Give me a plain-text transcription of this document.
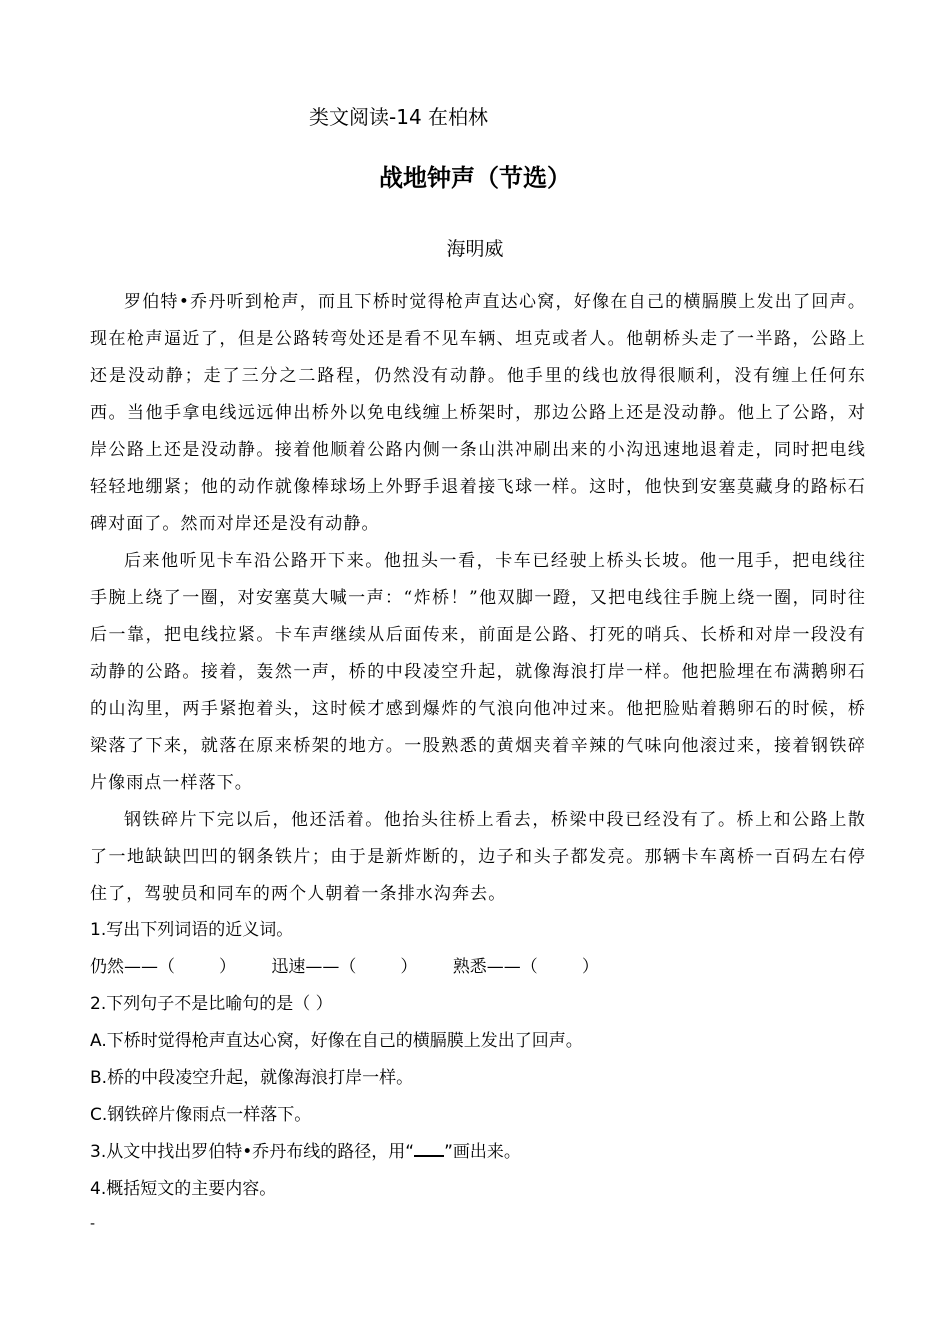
类文阅读-14 在柏林
战地钟声（节选）
海明威

罗伯特•乔丹听到枪声，而且下桥时觉得枪声直达心窝，好像在自己的横膈膜上发出了回声。现在枪声逼近了，但是公路转弯处还是看不见车辆、坦克或者人。他朝桥头走了一半路，公路上还是没动静；走了三分之二路程，仍然没有动静。他手里的线也放得很顺利，没有缠上任何东西。当他手拿电线远远伸出桥外以免电线缠上桥架时，那边公路上还是没动静。他上了公路，对岸公路上还是没动静。接着他顺着公路内侧一条山洪冲刷出来的小沟迅速地退着走，同时把电线轻轻地绷紧；他的动作就像棒球场上外野手退着接飞球一样。这时，他快到安塞莫藏身的路标石碑对面了。然而对岸还是没有动静。

后来他听见卡车沿公路开下来。他扭头一看，卡车已经驶上桥头长坡。他一甩手，把电线往手腕上绕了一圈，对安塞莫大喊一声：“炸桥！”他双脚一蹬，又把电线往手腕上绕一圈，同时往后一靠，把电线拉紧。卡车声继续从后面传来，前面是公路、打死的哨兵、长桥和对岸一段没有动静的公路。接着，轰然一声，桥的中段凌空升起，就像海浪打岸一样。他把脸埋在布满鹅卵石的山沟里，两手紧抱着头，这时候才感到爆炸的气浪向他冲过来。他把脸贴着鹅卵石的时候，桥梁落了下来，就落在原来桥架的地方。一股熟悉的黄烟夹着辛辣的气味向他滚过来，接着钢铁碎片像雨点一样落下。

钢铁碎片下完以后，他还活着。他抬头往桥上看去，桥梁中段已经没有了。桥上和公路上散了一地缺缺凹凹的钢条铁片；由于是新炸断的，边子和头子都发亮。那辆卡车离桥一百码左右停住了，驾驶员和同车的两个人朝着一条排水沟奔去。

1.写出下列词语的近义词。

仍然——（	） 迅速——（	） 熟悉——（	）

2.下列句子不是比喻句的是（ ）

A.下桥时觉得枪声直达心窝，好像在自己的横膈膜上发出了回声。

B.桥的中段凌空升起，就像海浪打岸一样。

C.钢铁碎片像雨点一样落下。

3.从文中找出罗伯特•乔丹布线的路径，用“ ”画出来。

4.概括短文的主要内容。

-
